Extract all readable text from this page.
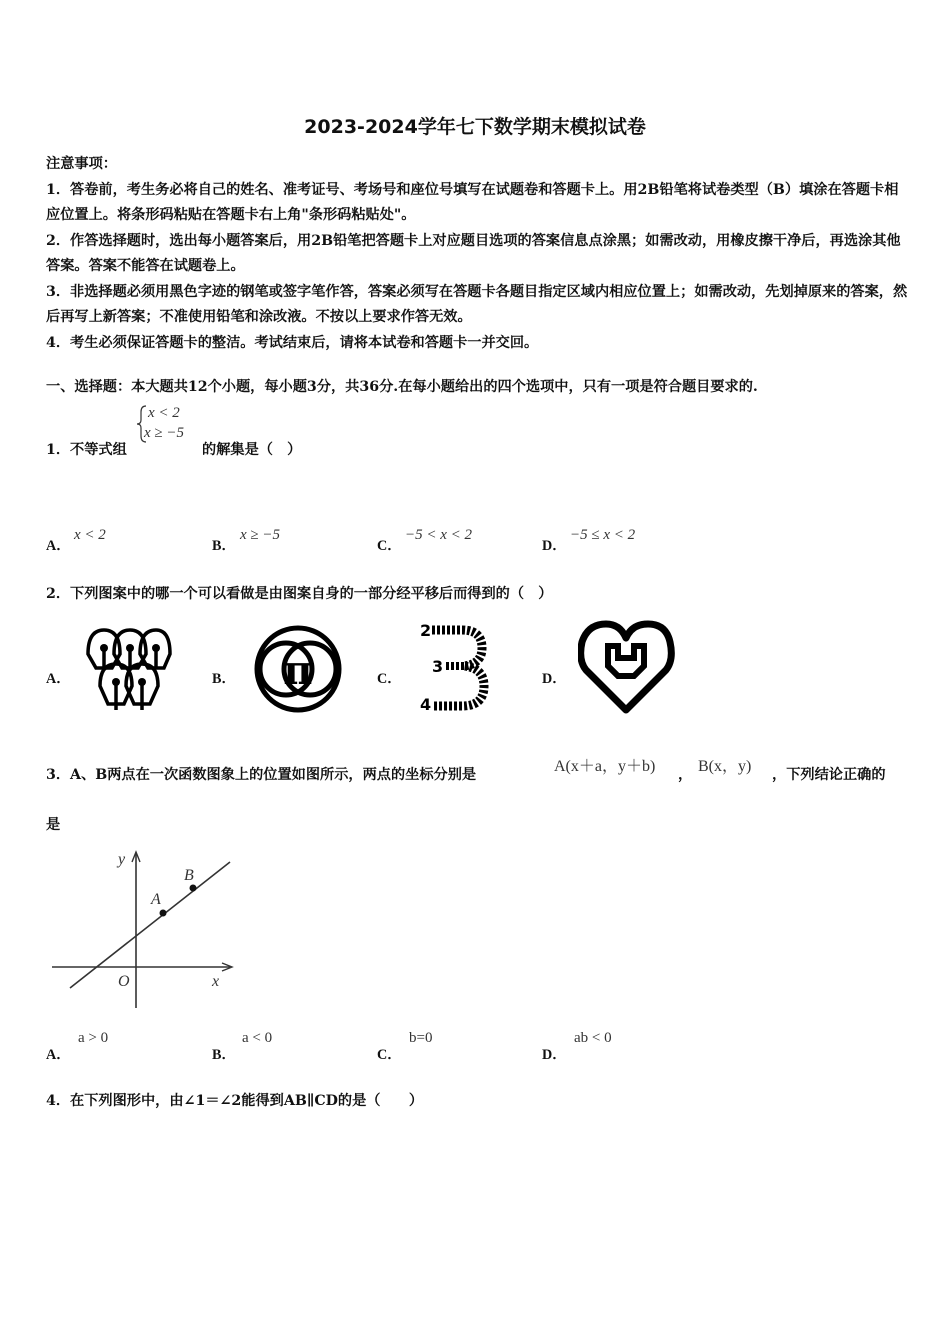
2023-2024学年七下数学期末模拟试卷

注意事项：

1．答卷前，考生务必将自己的姓名、准考证号、考场号和座位号填写在试题卷和答题卡上。用2B铅笔将试卷类型（B）填涂在答题卡相应位置上。将条形码粘贴在答题卡右上角"条形码粘贴处"。

2．作答选择题时，选出每小题答案后，用2B铅笔把答题卡上对应题目选项的答案信息点涂黑；如需改动，用橡皮擦干净后，再选涂其他答案。答案不能答在试题卷上。

3．非选择题必须用黑色字迹的钢笔或签字笔作答，答案必须写在答题卡各题目指定区域内相应位置上；如需改动，先划掉原来的答案，然后再写上新答案；不准使用铅笔和涂改液。不按以上要求作答无效。

4．考生必须保证答题卡的整洁。考试结束后，请将本试卷和答题卡一并交回。

一、选择题：本大题共12个小题，每小题3分，共36分.在每小题给出的四个选项中，只有一项是符合题目要求的.
1．不等式组
x < 2
x ≥ −5
的解集是（　）
A．
x < 2
B．
x ≥ −5
C．
−5 < x < 2
D．
−5 ≤ x < 2
2．下列图案中的哪一个可以看做是由图案自身的一部分经平移后而得到的（　）
A．	B． π	C．
2
3
4
D．
3．A、B两点在一次函数图象上的位置如图所示，两点的坐标分别是	A(x＋a，y＋b) ， B(x，y) ，下列结论正确的
是
y
x
O
A
B
A．
a > 0
B．
a < 0
C．
b=0
D．
ab < 0
4．在下列图形中，由∠1＝∠2能得到AB∥CD的是（　　）
